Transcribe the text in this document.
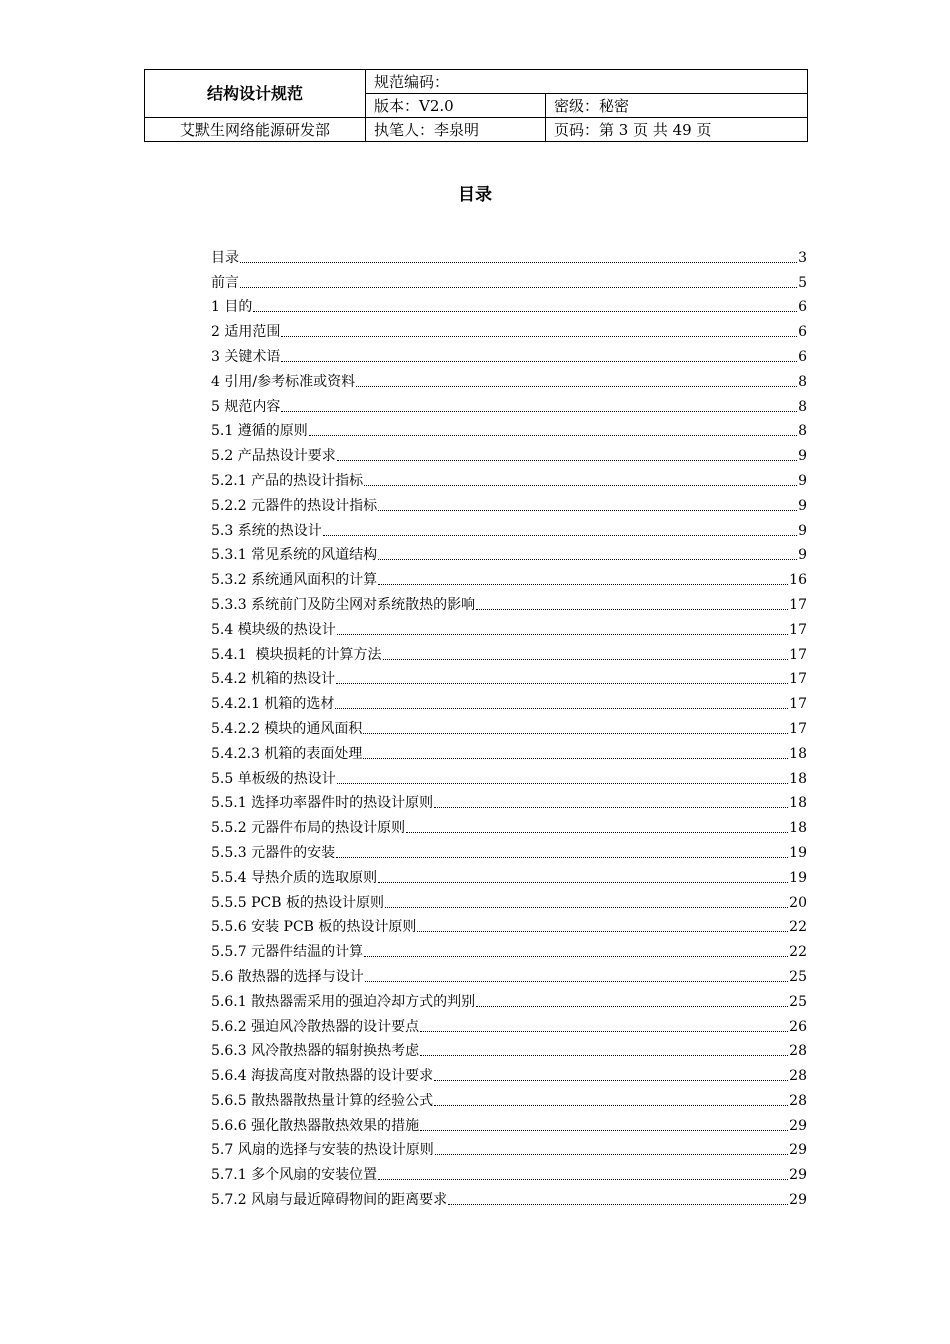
结构设计规范	规范编码：	
	版本：V2.0	密级：秘密
艾默生网络能源研发部	执笔人：李泉明	页码：第 3 页 共 49 页
目录
目录	3
前言	5
1 目的	6
2 适用范围	6
3 关键术语	6
4 引用/参考标准或资料	8
5 规范内容	8
5.1 遵循的原则	8
5.2 产品热设计要求	9
5.2.1 产品的热设计指标	9
5.2.2 元器件的热设计指标	9
5.3 系统的热设计	9
5.3.1 常见系统的风道结构	9
5.3.2 系统通风面积的计算	16
5.3.3 系统前门及防尘网对系统散热的影响	17
5.4 模块级的热设计	17
5.4.1  模块损耗的计算方法	17
5.4.2 机箱的热设计	17
5.4.2.1 机箱的选材	17
5.4.2.2 模块的通风面积	17
5.4.2.3 机箱的表面处理	18
5.5 单板级的热设计	18
5.5.1 选择功率器件时的热设计原则	18
5.5.2 元器件布局的热设计原则	18
5.5.3 元器件的安装	19
5.5.4 导热介质的选取原则	19
5.5.5 PCB 板的热设计原则	20
5.5.6 安装 PCB 板的热设计原则	22
5.5.7 元器件结温的计算	22
5.6 散热器的选择与设计	25
5.6.1 散热器需采用的强迫冷却方式的判别	25
5.6.2 强迫风冷散热器的设计要点	26
5.6.3 风冷散热器的辐射换热考虑	28
5.6.4 海拔高度对散热器的设计要求	28
5.6.5 散热器散热量计算的经验公式	28
5.6.6 强化散热器散热效果的措施	29
5.7 风扇的选择与安装的热设计原则	29
5.7.1 多个风扇的安装位置	29
5.7.2 风扇与最近障碍物间的距离要求	29
